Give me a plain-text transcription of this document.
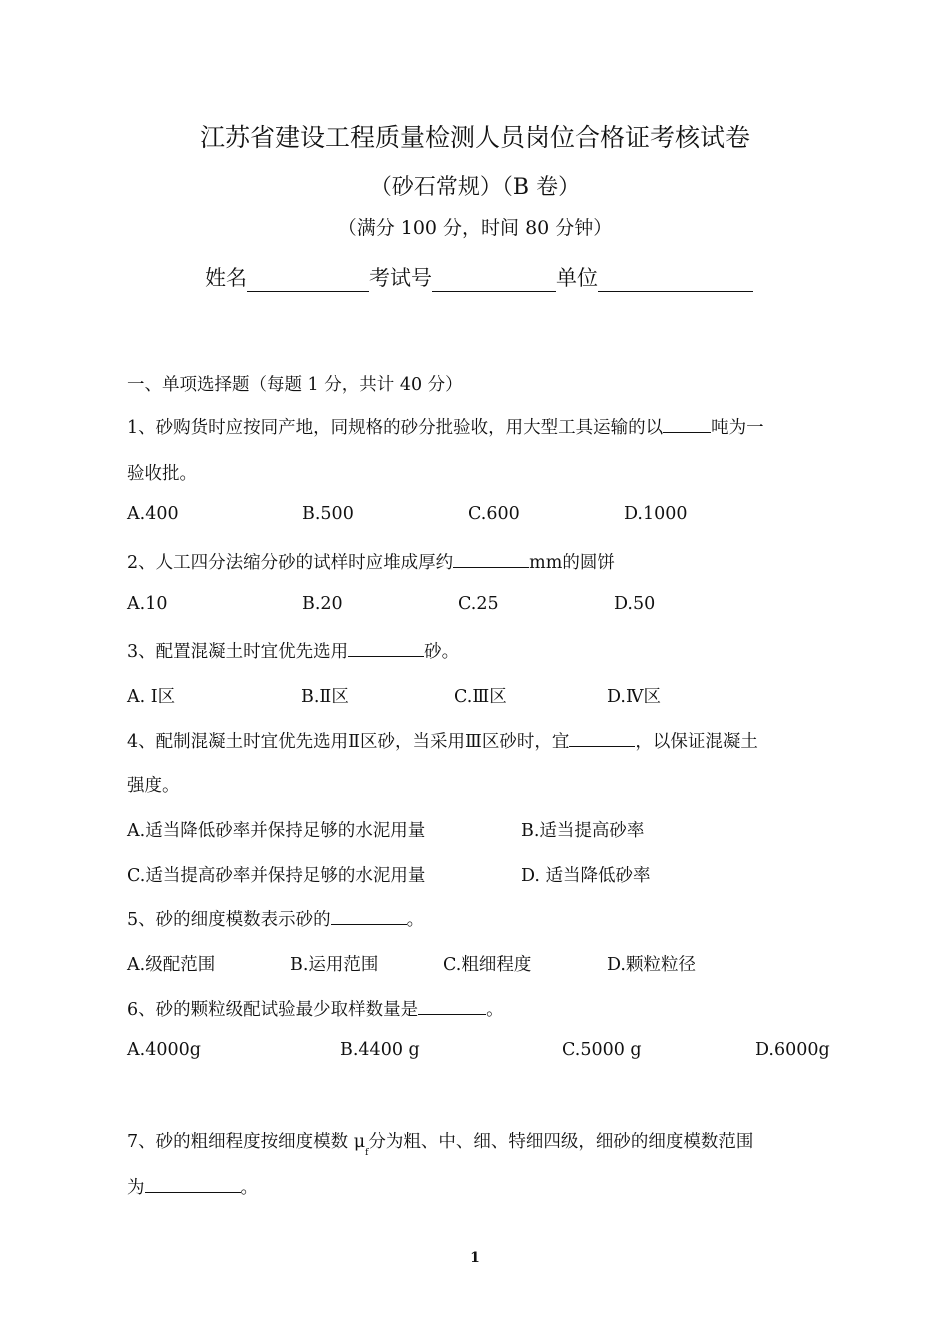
江苏省建设工程质量检测人员岗位合格证考核试卷
（砂石常规）（B 卷）
（满分 100 分，时间 80 分钟）
姓名	考试号	单位
一、单项选择题（每题 1 分，共计 40 分）
1、砂购货时应按同产地，同规格的砂分批验收，用大型工具运输的以	吨为一
验收批。
A.400	B.500	C.600	D.1000
2、人工四分法缩分砂的试样时应堆成厚约	mm的圆饼
A.10	B.20	C.25	D.50
3、配置混凝土时宜优先选用	砂。
A. Ⅰ区	B.Ⅱ区	C.Ⅲ区	D.Ⅳ区
4、配制混凝土时宜优先选用Ⅱ区砂，当采用Ⅲ区砂时，宜	，以保证混凝土
强度。
A.适当降低砂率并保持足够的水泥用量	B.适当提高砂率
C.适当提高砂率并保持足够的水泥用量	D. 适当降低砂率
5、砂的细度模数表示砂的	。
A.级配范围	B.运用范围	C.粗细程度	D.颗粒粒径
6、砂的颗粒级配试验最少取样数量是	。
A.4000g	B.4400 g	C.5000 g	D.6000g
7、砂的粗细程度按细度模数 $\mu_f$分为粗、中、细、特细四级，细砂的细度模数范围
为	。
1
